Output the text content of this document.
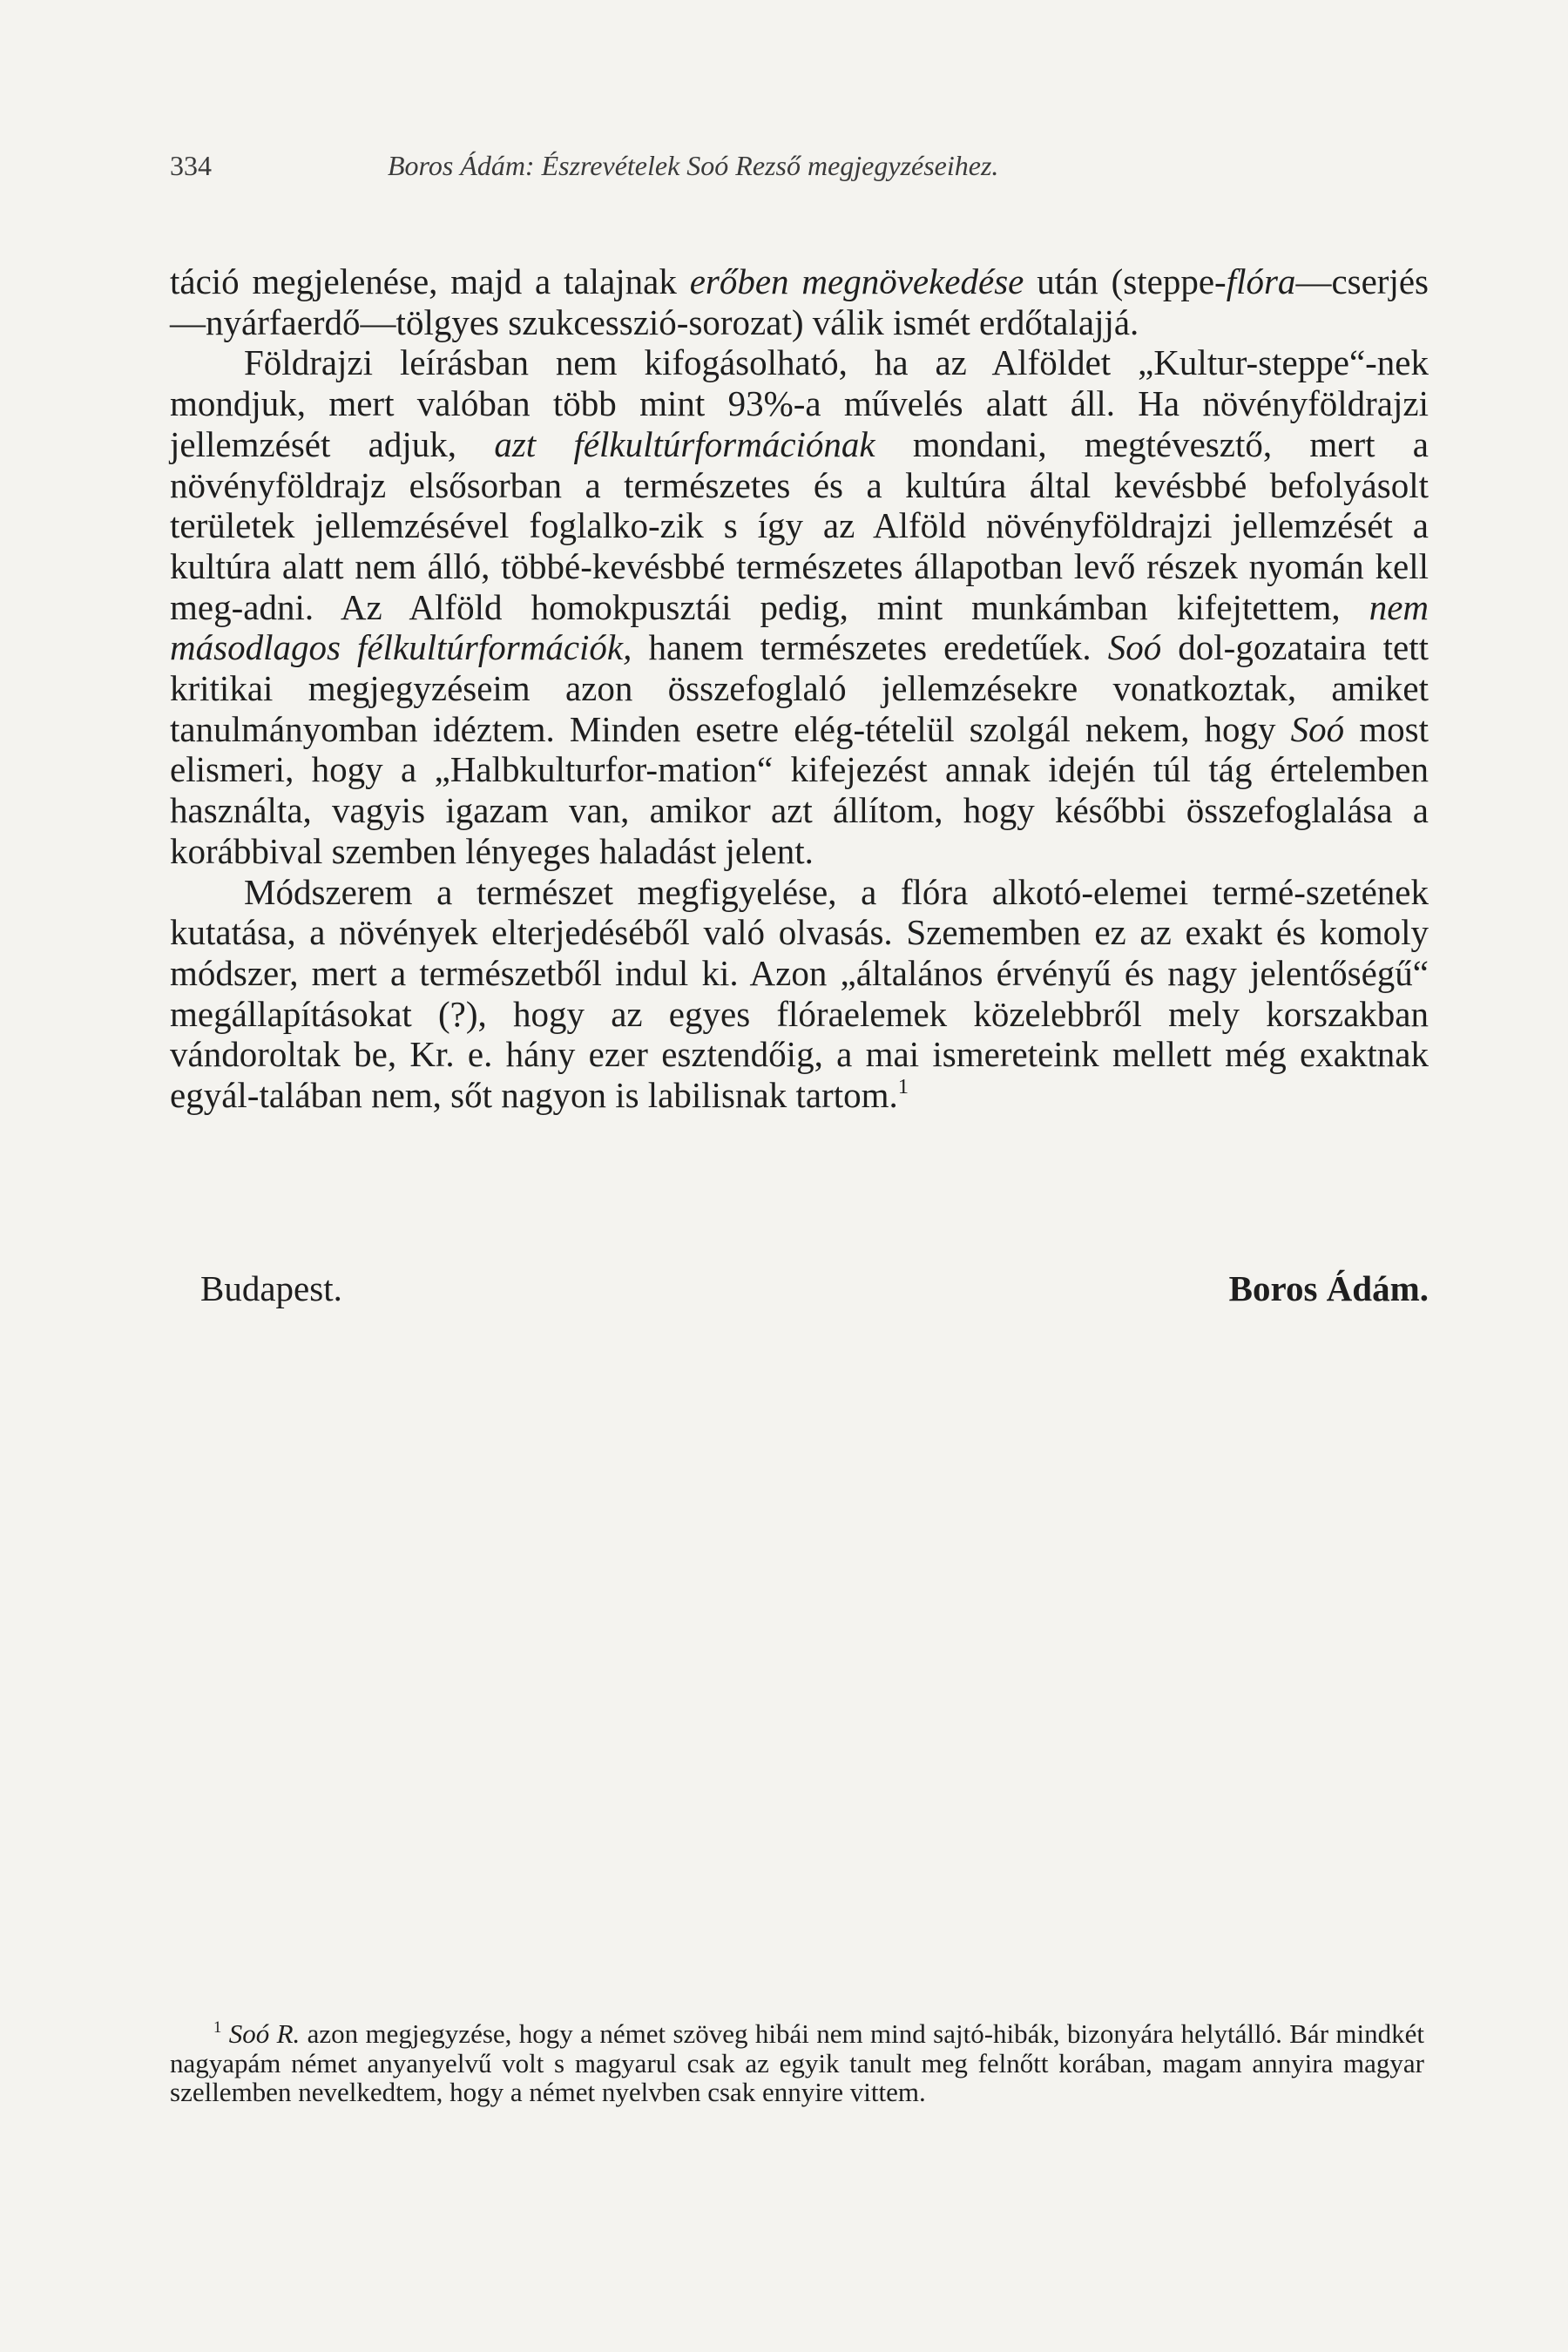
334	Boros Ádám: Észrevételek Soó Rezső megjegyzéseihez.

táció megjelenése, majd a talajnak erőben megnövekedése után (steppe-flóra—cserjés—nyárfaerdő—tölgyes szukcesszió-sorozat) válik ismét erdőtalajjá.

Földrajzi leírásban nem kifogásolható, ha az Alföldet „Kultur-steppe“-nek mondjuk, mert valóban több mint 93%-a művelés alatt áll. Ha növényföldrajzi jellemzését adjuk, azt félkultúrformációnak mondani, megtévesztő, mert a növényföldrajz elsősorban a természetes és a kultúra által kevésbbé befolyásolt területek jellemzésével foglalko-zik s így az Alföld növényföldrajzi jellemzését a kultúra alatt nem álló, többé-kevésbbé természetes állapotban levő részek nyomán kell meg-adni. Az Alföld homokpusztái pedig, mint munkámban kifejtettem, nem másodlagos félkultúrformációk, hanem természetes eredetűek. Soó dol-gozataira tett kritikai megjegyzéseim azon összefoglaló jellemzésekre vonatkoztak, amiket tanulmányomban idéztem. Minden esetre elég-tételül szolgál nekem, hogy Soó most elismeri, hogy a „Halbkulturfor-mation“ kifejezést annak idején túl tág értelemben használta, vagyis igazam van, amikor azt állítom, hogy későbbi összefoglalása a korábbival szemben lényeges haladást jelent.

Módszerem a természet megfigyelése, a flóra alkotó-elemei termé-szetének kutatása, a növények elterjedéséből való olvasás. Szememben ez az exakt és komoly módszer, mert a természetből indul ki. Azon „általános érvényű és nagy jelentőségű“ megállapításokat (?), hogy az egyes flóraelemek közelebbről mely korszakban vándoroltak be, Kr. e. hány ezer esztendőig, a mai ismereteink mellett még exaktnak egyál-talában nem, sőt nagyon is labilisnak tartom.$^1$

Budapest.	Boros Ádám.

$^1$ Soó R. azon megjegyzése, hogy a német szöveg hibái nem mind sajtó-hibák, bizonyára helytálló. Bár mindkét nagyapám német anyanyelvű volt s magyarul csak az egyik tanult meg felnőtt korában, magam annyira magyar szellemben nevelkedtem, hogy a német nyelvben csak ennyire vittem.
